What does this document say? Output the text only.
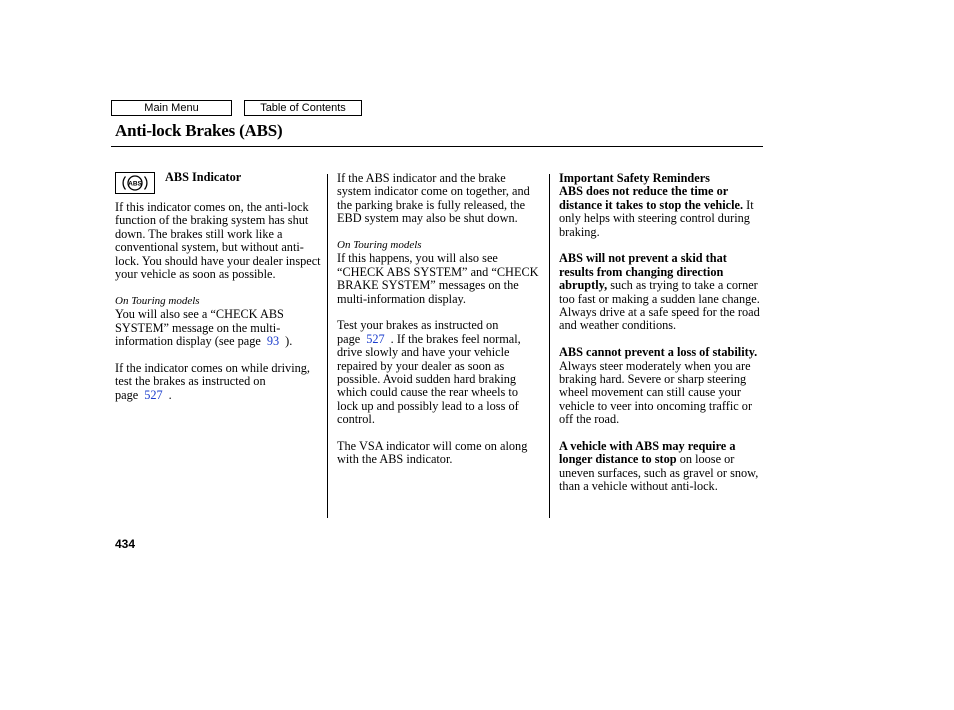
Main Menu	Table of Contents
Anti-lock Brakes (ABS)
ABS ABS Indicator

If this indicator comes on, the anti-lock function of the braking system has shut down. The brakes still work like a conventional system, but without anti-lock. You should have your dealer inspect your vehicle as soon as possible.

On Touring models
You will also see a “CHECK ABS SYSTEM” message on the multi-information display (see page 93 ).

If the indicator comes on while driving, test the brakes as instructed on page 527 .

If the ABS indicator and the brake system indicator come on together, and the parking brake is fully released, the EBD system may also be shut down.

On Touring models
If this happens, you will also see “CHECK ABS SYSTEM” and “CHECK BRAKE SYSTEM” messages on the multi-information display.

Test your brakes as instructed on page 527 . If the brakes feel normal, drive slowly and have your vehicle repaired by your dealer as soon as possible. Avoid sudden hard braking which could cause the rear wheels to lock up and possibly lead to a loss of control.

The VSA indicator will come on along with the ABS indicator.

Important Safety Reminders
ABS does not reduce the time or distance it takes to stop the vehicle. It only helps with steering control during braking.

ABS will not prevent a skid that results from changing direction abruptly, such as trying to take a corner too fast or making a sudden lane change. Always drive at a safe speed for the road and weather conditions.

ABS cannot prevent a loss of stability. Always steer moderately when you are braking hard. Severe or sharp steering wheel movement can still cause your vehicle to veer into oncoming traffic or off the road.

A vehicle with ABS may require a longer distance to stop on loose or uneven surfaces, such as gravel or snow, than a vehicle without anti-lock.

434
